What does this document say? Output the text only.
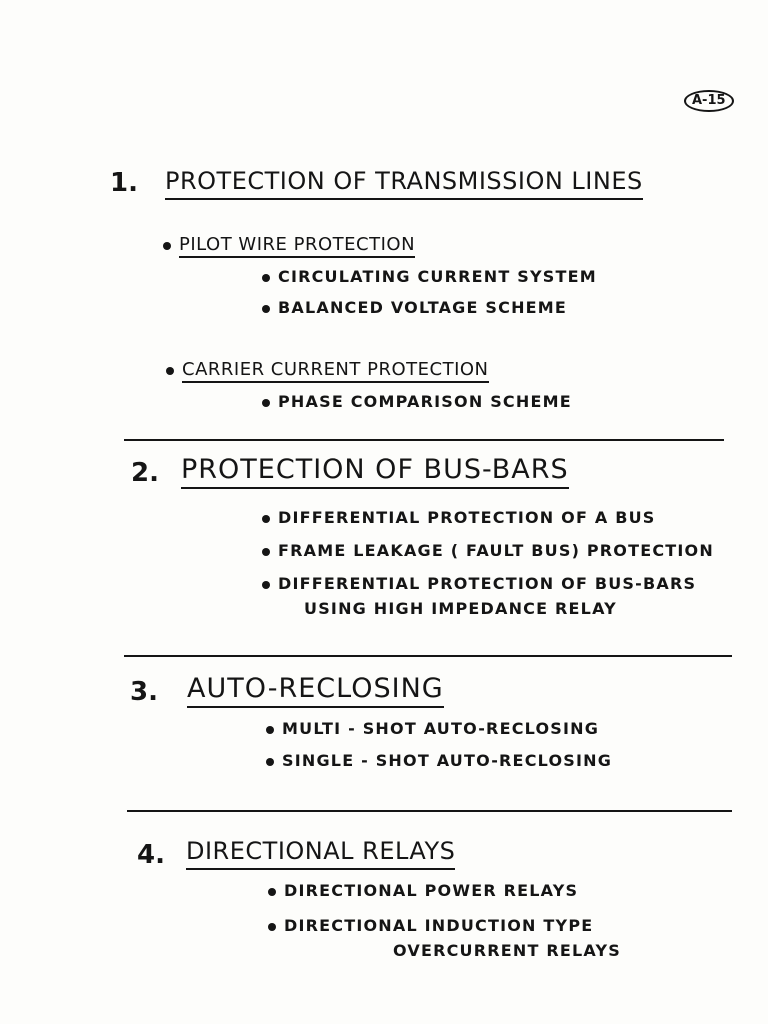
A-15
1. PROTECTION OF TRANSMISSION LINES
PILOT WIRE PROTECTION
CIRCULATING CURRENT SYSTEM
BALANCED VOLTAGE SCHEME
CARRIER CURRENT PROTECTION
PHASE COMPARISON SCHEME
2. PROTECTION OF BUS-BARS
DIFFERENTIAL PROTECTION OF A BUS
FRAME LEAKAGE ( FAULT BUS) PROTECTION
DIFFERENTIAL PROTECTION OF BUS-BARS
USING HIGH IMPEDANCE RELAY
3. AUTO-RECLOSING
MULTI - SHOT AUTO-RECLOSING
SINGLE - SHOT AUTO-RECLOSING
4. DIRECTIONAL RELAYS
DIRECTIONAL POWER RELAYS
DIRECTIONAL INDUCTION TYPE
OVERCURRENT RELAYS
